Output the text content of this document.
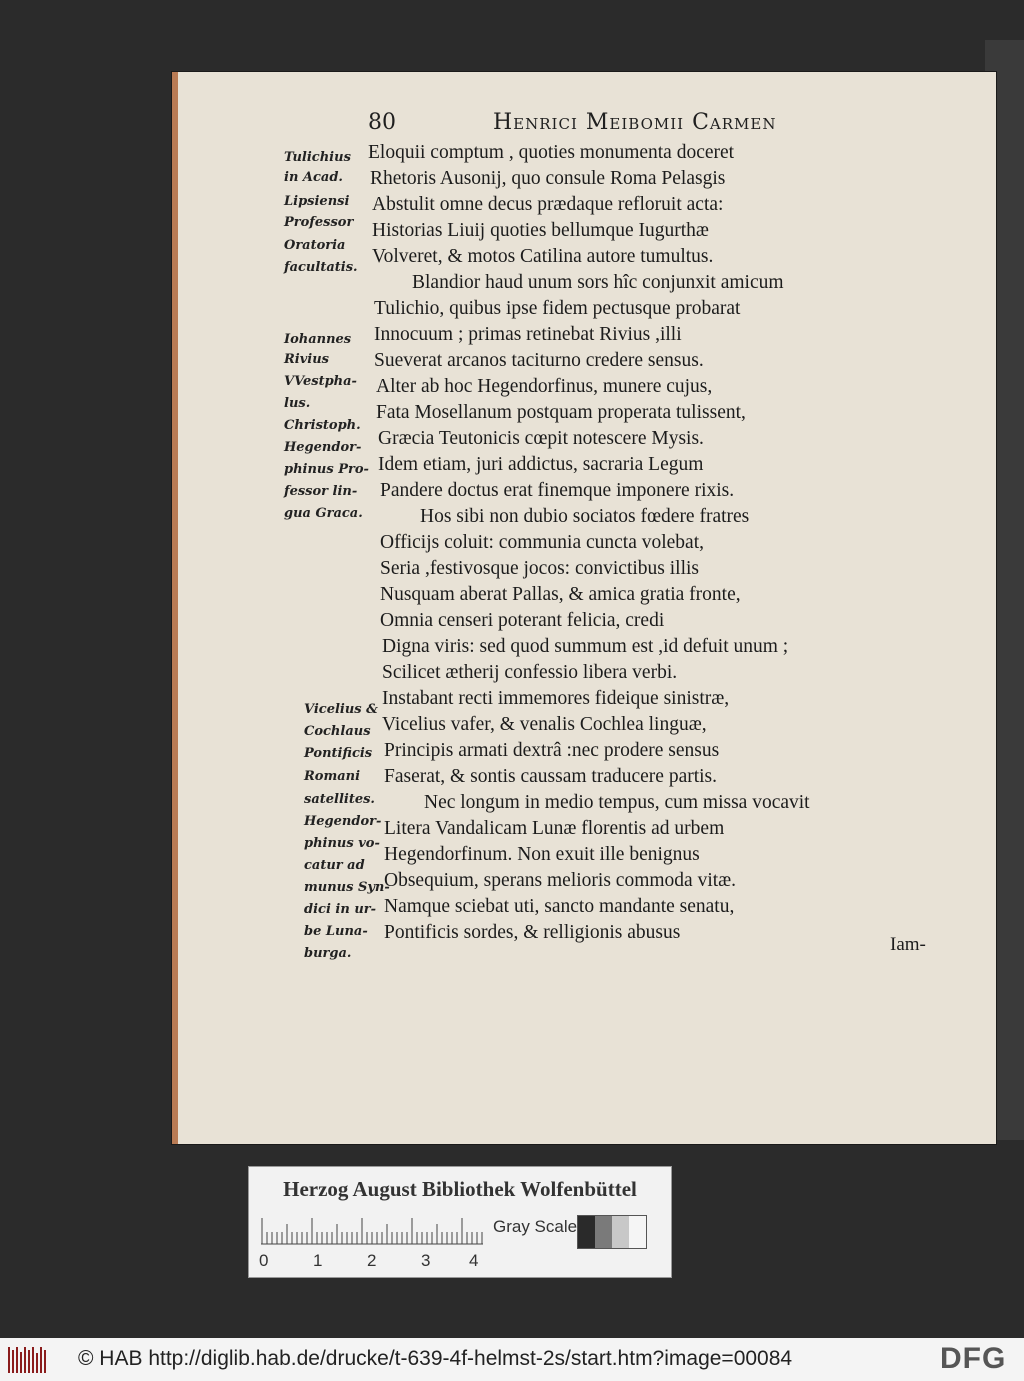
80	Henrici Meibomii Carmen
Tulichius
in Acad.
Lipsiensi
Professor
Oratoria
facultatis.
Iohannes
Rivius
VVestpha-
lus.
Christoph.
Hegendor-
phinus Pro-
fessor lin-
gua Graca.
Vicelius &
Cochlaus
Pontificis
Romani
satellites.
Hegendor-
phinus vo-
catur ad
munus Syn-
dici in ur-
be Luna-
burga.
Eloquii comptum , quoties monumenta doceret
Rhetoris Ausonij, quo consule Roma Pelasgis
Abstulit omne decus prædaque refloruit acta:
Historias Liuij quoties bellumque Iugurthæ
Volveret, & motos Catilina autore tumultus.
Blandior haud unum sors hîc conjunxit amicum
Tulichio, quibus ipse fidem pectusque probarat
Innocuum ; primas retinebat Rivius ,illi
Sueverat arcanos taciturno credere sensus.
Alter ab hoc Hegendorfinus, munere cujus,
Fata Mosellanum postquam properata tulissent,
Græcia Teutonicis cœpit notescere Mysis.
Idem etiam, juri addictus, sacraria Legum
Pandere doctus erat finemque imponere rixis.
Hos sibi non dubio sociatos fœdere fratres
Officijs coluit: communia cuncta volebat,
Seria ,festivosque jocos: convictibus illis
Nusquam aberat Pallas, & amica gratia fronte,
Omnia censeri poterant felicia, credi
Digna viris: sed quod summum est ,id defuit unum ;
Scilicet ætherij confessio libera verbi.
Instabant recti immemores fideique sinistræ,
Vicelius vafer, & venalis Cochlea linguæ,
Principis armati dextrâ :nec prodere sensus
Faserat, & sontis caussam traducere partis.
Nec longum in medio tempus, cum missa vocavit
Litera Vandalicam Lunæ florentis ad urbem
Hegendorfinum. Non exuit ille benignus
Obsequium, sperans melioris commoda vitæ.
Namque sciebat uti, sancto mandante senatu,
Pontificis sordes, & relligionis abusus
Iam-
Herzog August Bibliothek Wolfenbüttel
Gray Scale
0	1	2	3 4
© HAB http://diglib.hab.de/drucke/t-639-4f-helmst-2s/start.htm?image=00084	DFG
